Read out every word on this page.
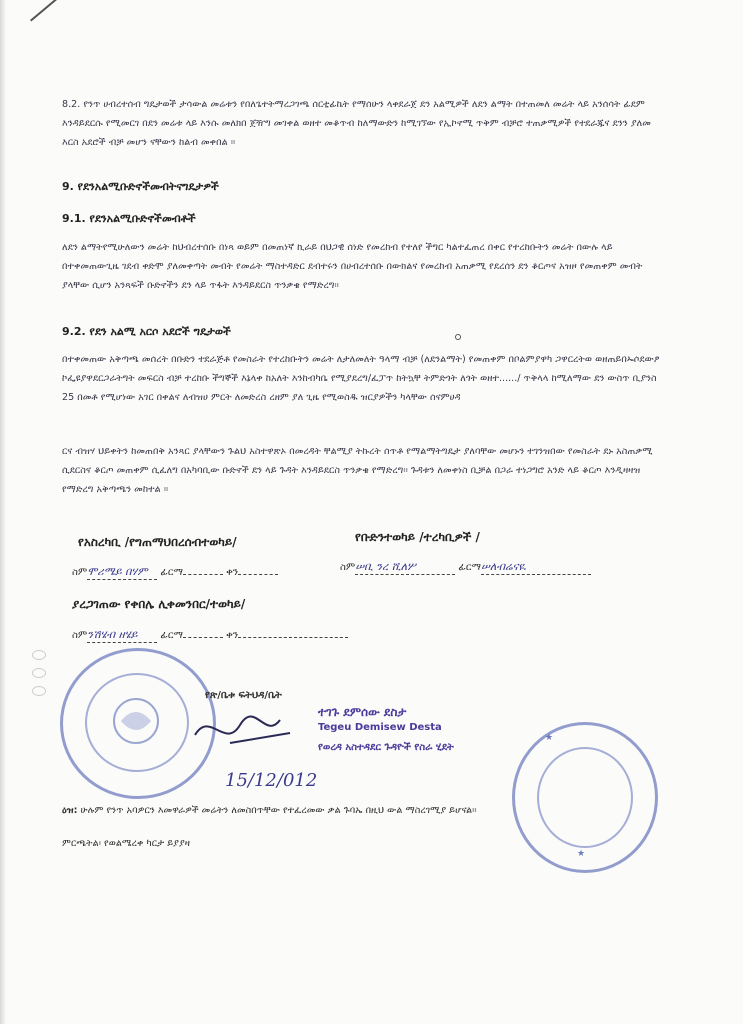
8.2. የንጥ ሀብረተሰብ ግዴታወች ታሳውል መሬቱን የበለጌተትማረጋገጫ ሰርቲፊኬት የማሰሁን ላቀደራጀ ደን አልሚዎች ለደን ልማት በተጠመለ መሬት ላይ አንሰሳት ፊደም እንዳይደርሱ የሚመርገ በደን መሬቱ ላይ እንሱ መለክበ ጀዥግ መገቀል ወዘተ መቆጥብ ከለማውድን ከሚገኘው የኢኮኖሚ ጥቅም ብቻሮ ተጠቃሚዎች የተደራጁና ደንን ያለመ እርስ አደሮች ብቻ መሆን ናቸውን ከልብ መቀበል ።
9. የደንአልሚቡድኖችመብትናግዴታዎች
9.1. የደንአልሚቡድኖችመብቶች
ለደን ልማትየሚሁለውን መሬት ከህብረተሰቡ በነጻ ወይም በመጠነኛ ኪራይ በህጋዊ ሰነድ የመረከብ የተለየ ችግር ካልተፈጠረ በቀር የተረከቡትን መሬት በውሉ ላይ በተቀመጠውጊዜ ገደብ ቀድሞ ያለመቀጣት መብት የመሬት ማስተዳድር ደብተሩን በሀብረተሰቡ በውክልና የመረከብ አጠቃሚ የደረሰን ደን ቆርጦና አዝዞ የመጠቀም መብት ያላቸው ሲሆን አንጻፍች ቡድኖችን ደን ላይ ጥፋት እንዳይደርስ ጥንቃቄ የማድረግ።
9.2. የደን አልሚ አርሶ አደሮች ግዴታወች
በተቀመጠው አቅጣጫ መሰረት በቡድን ተደራጅቶ የመስራት የተረከቡትን መሬት ለታለመለት ዓላማ ብቻ (ለደንልማት) የመጠቀም በቦልምያዋካ ጋዋርረትወ ወዘጠይበኡሶደውፆ ኮፌዩያዋደርጋራትግት መፍርስ ብቻ ተረከቡ ችግኞች እኔላቀ ከአለት እንከብካቤ የሚያደረግ/ፈፓጥ ከትኳቸ ትምድጎት ለጎት ወዘተ....../ ጥቅላላ ከሚለማው ደን ውስጥ ቢያንስ 25 በመቶ የሚሆነው አገር በቀልና ለብዝሀ ምርት ለመድረስ ረዘም ያለ ጊዜ የሚወስዱ ዝርያዎችን ካላቸው ሰናምሀዳ
ርና ብዝሃ ህይቀትን ከመጠበቅ አንጻር ያላቸውን ጉልህ አስተዋጽኦ በመረዳት ቸልሚያ ትኩረት ሰጥቶ የማልማትግዴታ ያለባቸው መሆኑን ተገንዝበው የመስራት ደኑ አስጠቃሚ ሲደርስና ቆርጦ መጠቀም ሲፈለግ በአካባቢው ቡድኖች ደን ላይ ጉዳት እንዳይደርስ ጥንቃቄ የማድረግ። ጉዳቱን ለመቀነስ ቢቻል በጋራ ተነጋግሮ አንድ ላይ ቆርጦ እንዲዛዛዝ የማድረግ አቅጣጫን መከተል ።
የአስረካቢ /የግጠማህበረሰብተወካይ/	የቡድንተወካይ /ተረካቢዎች /
ስምሞሪሜይ በሃም ፊርማ	ቀን	ስምሠቢ ንረ ሺለሦ	ፊርማሠለብሬናዪ
ያረጋገጠው የቀበሌ ሊቀመንበር/ተወካይ/
ስምንሽሄብ ዘሄይ ፊርማ	ቀን
የጽ/ቤቱ ፍትህዳ/ቤት
ተገጉ ደምሰው ደስታ
Tegeu Demisew Desta
የወረዳ አስተዳደር ጉዳዮች የስራ ሂደት
15/12/012
★
★
ዕዝ: ሁሉም የንጥ አባዎርን እመዋራዎች መሬትን ለመስበጥቸው የተፈረመው ቃል ጉባኤ በዚህ ውል ማስረገሚያ ይሆናል።
ምርጫትል፡ የወልሜረቀ ካርታ ይያያዛ
